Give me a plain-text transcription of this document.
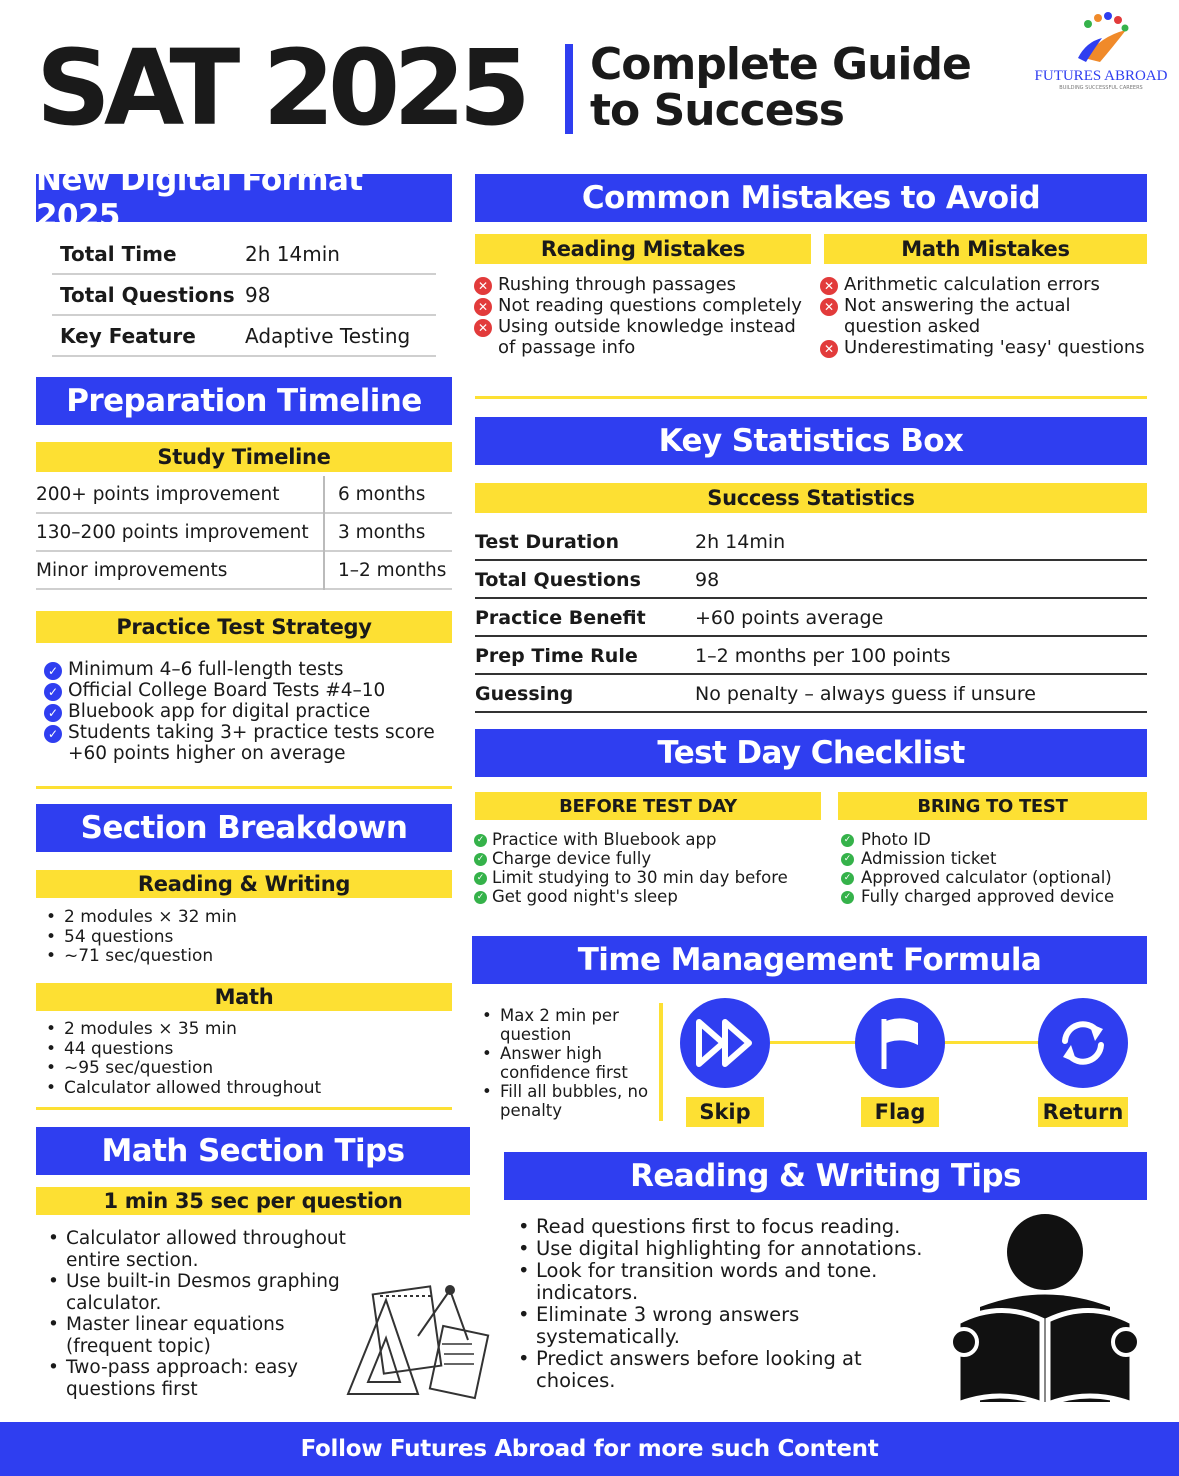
SAT 2025 Complete Guide
to Success
FUTURES ABROAD
BUILDING SUCCESSFUL CAREERS
New Digital Format 2025
Total Time	2h 14min
Total Questions 98
Key Feature	Adaptive Testing
Preparation Timeline
Study Timeline
200+ points improvement	6 months
130–200 points improvement 3 months
Minor improvements	1–2 months
Practice Test Strategy
✓ Minimum 4–6 full-length tests
✓ Official College Board Tests #4–10
✓ Bluebook app for digital practice
✓ Students taking 3+ practice tests score +60 points higher on average
Section Breakdown
Reading & Writing
• 2 modules × 32 min
• 54 questions
• ~71 sec/question
Math
• 2 modules × 35 min
• 44 questions
• ~95 sec/question
• Calculator allowed throughout
Math Section Tips
1 min 35 sec per question
• Calculator allowed throughout entire section.
• Use built-in Desmos graphing calculator.
• Master linear equations (frequent topic)
• Two-pass approach: easy questions first
Common Mistakes to Avoid
Reading Mistakes	Math Mistakes
✕ Rushing through passages
✕ Not reading questions completely
✕ Using outside knowledge instead of passage info
✕ Arithmetic calculation errors
✕ Not answering the actual question asked
✕ Underestimating 'easy' questions
Key Statistics Box
Success Statistics
Test Duration	2h 14min
Total Questions	98
Practice Benefit	+60 points average
Prep Time Rule	1–2 months per 100 points
Guessing	No penalty – always guess if unsure
Test Day Checklist
BEFORE TEST DAY	BRING TO TEST
✓ Practice with Bluebook app
✓ Charge device fully
✓ Limit studying to 30 min day before
✓ Get good night's sleep
✓ Photo ID
✓ Admission ticket
✓ Approved calculator (optional)
✓ Fully charged approved device
Time Management Formula
• Max 2 min per question
• Answer high confidence first
• Fill all bubbles, no penalty	Skip	Flag	Return
Reading & Writing Tips
• Read questions first to focus reading.
• Use digital highlighting for annotations.
• Look for transition words and tone. indicators.
• Eliminate 3 wrong answers systematically.
• Predict answers before looking at choices.
Follow Futures Abroad for more such Content
